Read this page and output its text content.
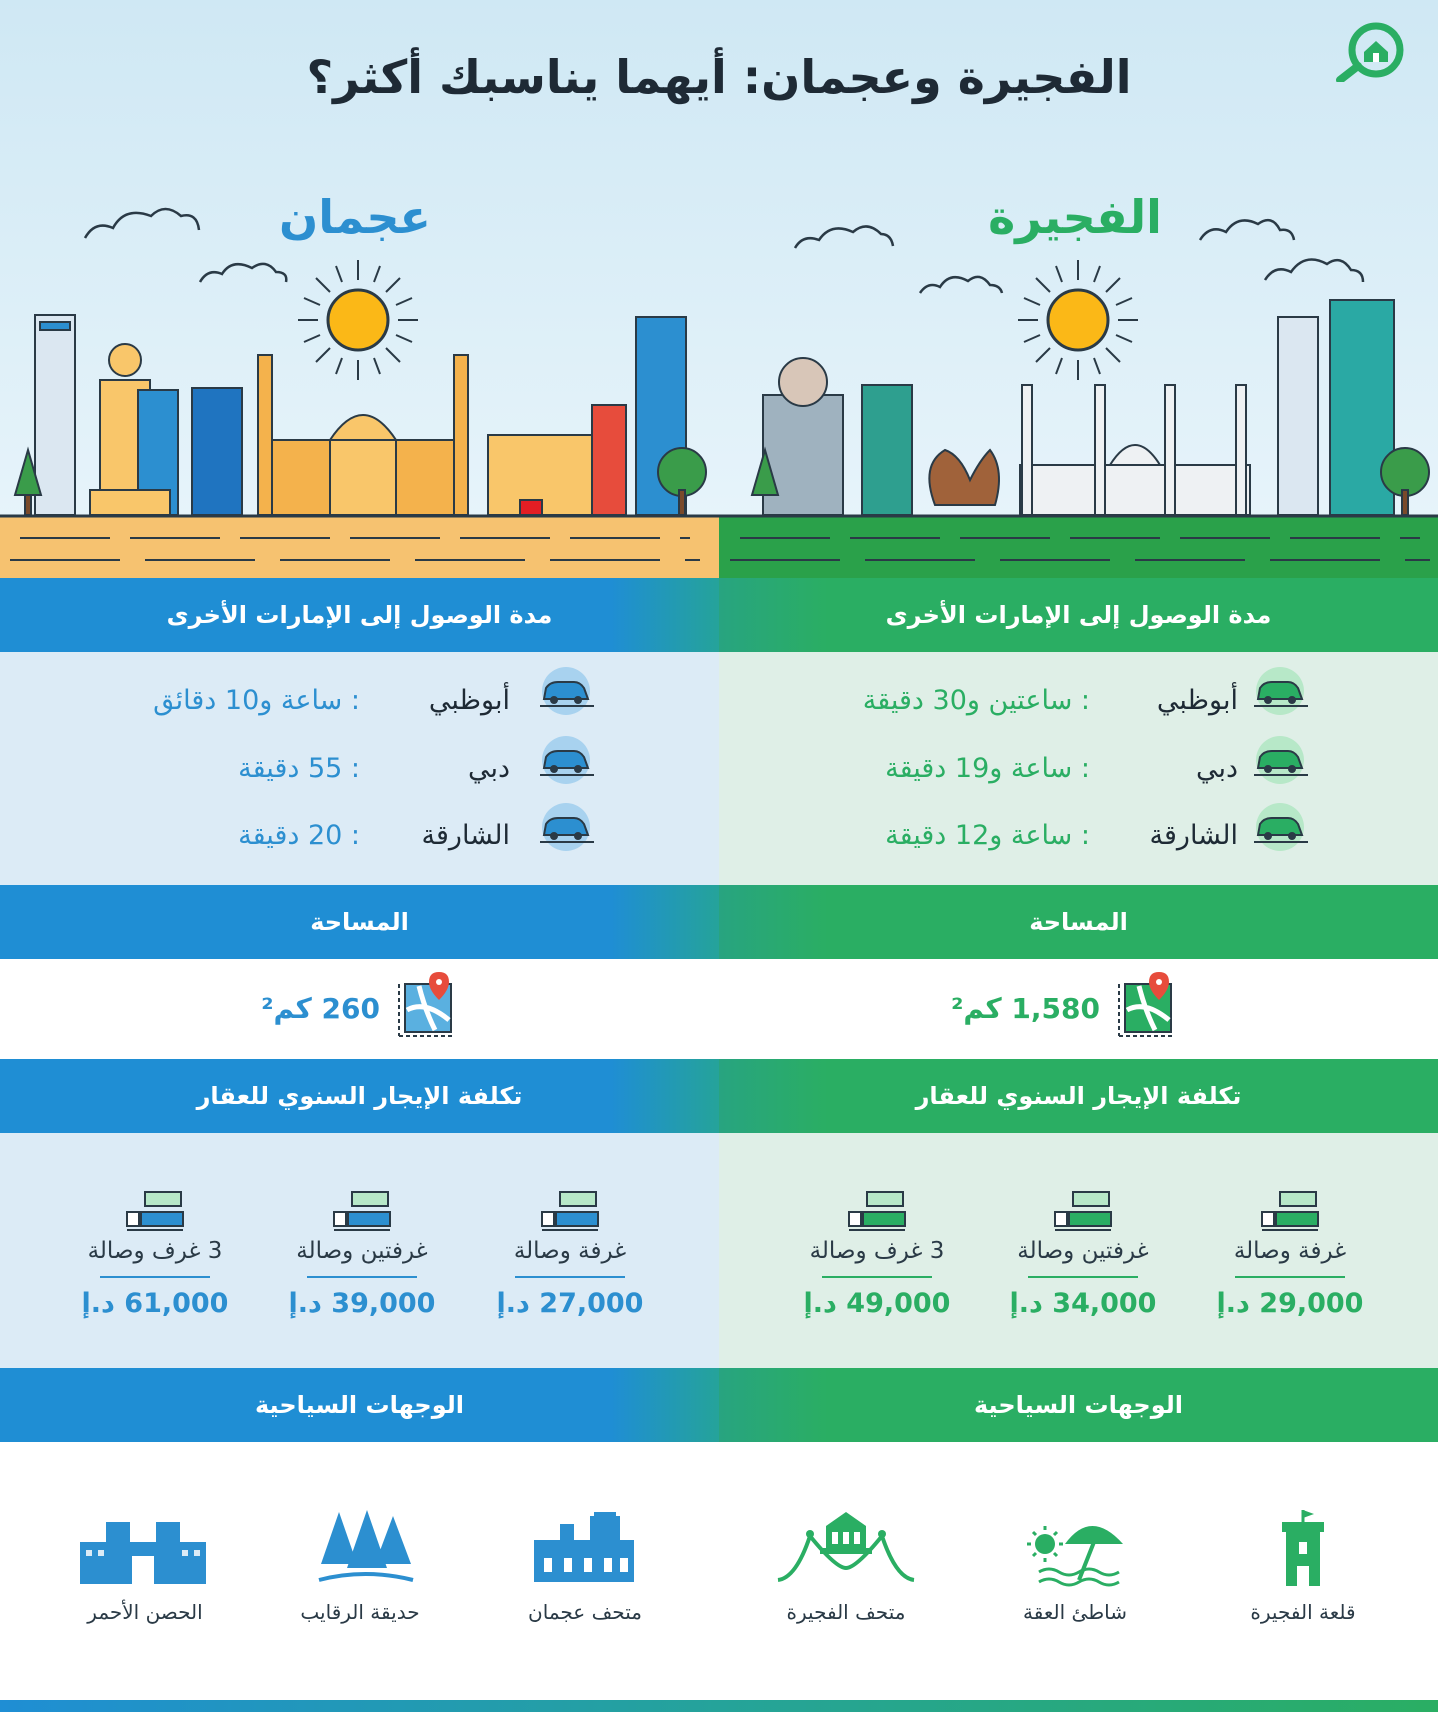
الفجيرة وعجمان: أيهما يناسبك أكثر؟
عجمان	الفجيرة
مدة الوصول إلى الإمارات الأخرى	مدة الوصول إلى الإمارات الأخرى
أبوظبي
: ساعة و10 دقائق
دبي
: 55 دقيقة
الشارقة
: 20 دقيقة
أبوظبي
: ساعتين و30 دقيقة
دبي
: ساعة و19 دقيقة
الشارقة
: ساعة و12 دقيقة
المساحة	المساحة
260 كم²	1,580 كم²
تكلفة الإيجار السنوي للعقار	تكلفة الإيجار السنوي للعقار
غرفة وصالة
27,000 د.إ
غرفتين وصالة
39,000 د.إ
3 غرف وصالة
61,000 د.إ
غرفة وصالة
29,000 د.إ
غرفتين وصالة
34,000 د.إ
3 غرف وصالة
49,000 د.إ
الوجهات السياحية	الوجهات السياحية
متحف عجمان
حديقة الرقايب
الحصن الأحمر	قلعة الفجيرة
شاطئ العقة
متحف الفجيرة
